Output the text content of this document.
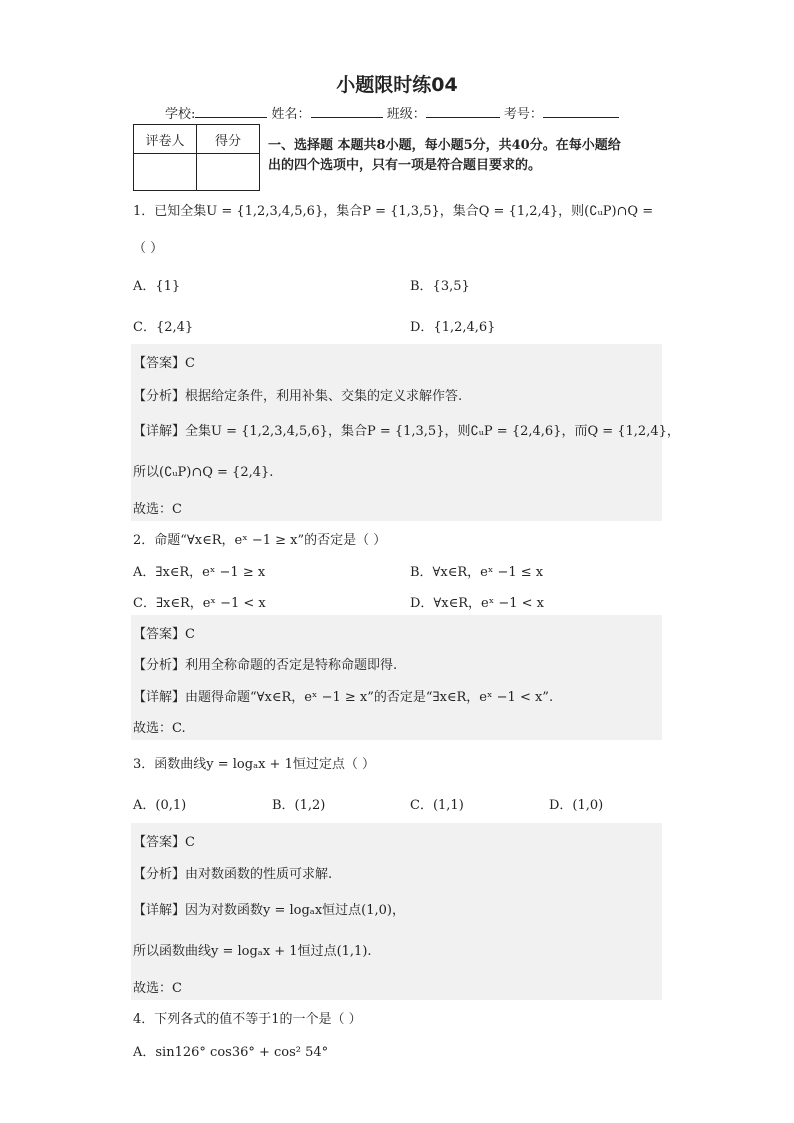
小题限时练04
学校:	姓名：	班级：	考号：
评卷人	得分
	一、选择题 本题共8小题，每小题5分，共40分。在每小题给
出的四个选项中，只有一项是符合题目要求的。
1．已知全集U = {1,2,3,4,5,6}，集合P = {1,3,5}，集合Q = {1,2,4}，则(∁ᵤP)∩Q =
（ ）
A．{1}	B．{3,5}
C．{2,4}	D．{1,2,4,6}
【答案】C
【分析】根据给定条件，利用补集、交集的定义求解作答.
【详解】全集U = {1,2,3,4,5,6}，集合P = {1,3,5}，则∁ᵤP = {2,4,6}，而Q = {1,2,4}，
所以(∁ᵤP)∩Q = {2,4}.
故选：C
2．命题“∀x∈R，eˣ −1 ≥ x”的否定是（ ）
A．∃x∈R，eˣ −1 ≥ x	B．∀x∈R，eˣ −1 ≤ x
C．∃x∈R，eˣ −1 < x	D．∀x∈R，eˣ −1 < x
【答案】C
【分析】利用全称命题的否定是特称命题即得.
【详解】由题得命题“∀x∈R，eˣ −1 ≥ x”的否定是“∃x∈R，eˣ −1 < x”.
故选：C.
3．函数曲线y = logₐx + 1恒过定点（ ）
A．(0,1)	B．(1,2)	C．(1,1)	D．(1,0)
【答案】C
【分析】由对数函数的性质可求解.
【详解】因为对数函数y = logₐx恒过点(1,0)，
所以函数曲线y = logₐx + 1恒过点(1,1).
故选：C
4．下列各式的值不等于1的一个是（ ）
A．sin126° cos36° + cos² 54°
